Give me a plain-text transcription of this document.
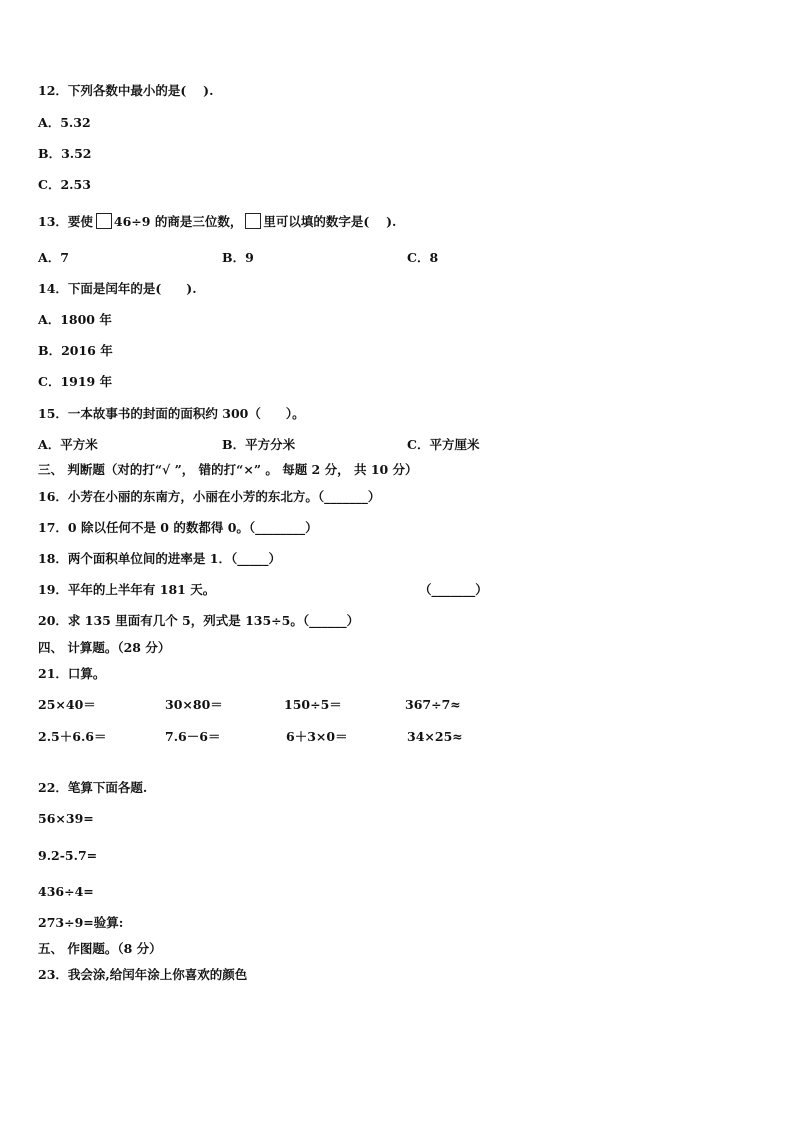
12．下列各数中最小的是(　 ).
A．5.32
B．3.52
C．2.53
13．要使 46÷9 的商是三位数， 里可以填的数字是(　 ).
A．7	B．9	C．8
14．下面是闰年的是(　　).
A．1800 年
B．2016 年
C．1919 年
15．一本故事书的封面的面积约 300（　　）。
A．平方米	B．平方分米	C．平方厘米
三、 判断题（对的打“√ ”， 错的打“×” 。 每题 2 分， 共 10 分）
16．小芳在小丽的东南方，小丽在小芳的东北方。（_______）
17．0 除以任何不是 0 的数都得 0。（________）
18．两个面积单位间的进率是 1．（_____）
19．平年的上半年有 181 天。	（_______）
20．求 135 里面有几个 5，列式是 135÷5。（______）
四、 计算题。（28 分）
21．口算。
25×40＝	30×80＝	150÷5＝	367÷7≈
2.5＋6.6＝	7.6－6＝	6＋3×0＝	34×25≈
22．笔算下面各题.
56×39=
9.2-5.7=
436÷4=
273÷9=验算:
五、 作图题。（8 分）
23．我会涂,给闰年涂上你喜欢的颜色
